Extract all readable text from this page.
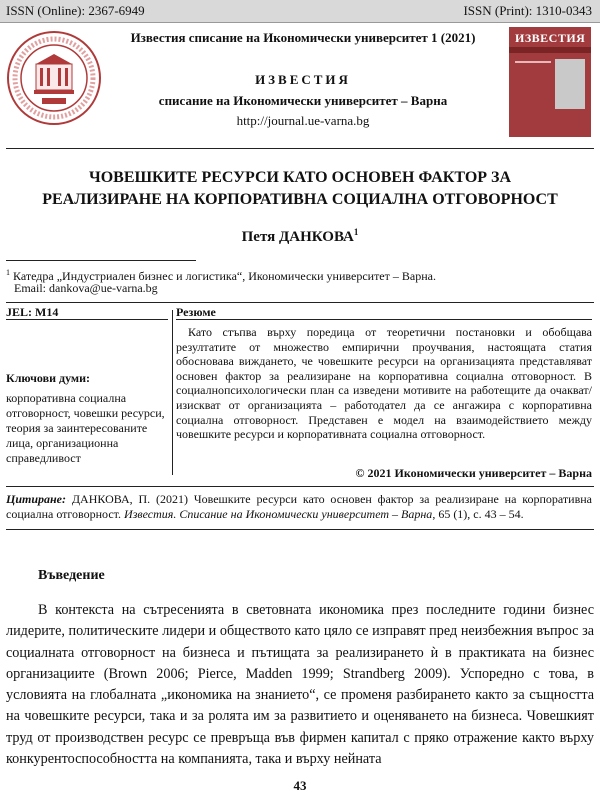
ISSN (Online): 2367-6949	ISSN (Print): 1310-0343
Известия списание на Икономически университет 1 (2021)
ИЗВЕСТИЯ
списание на Икономически университет – Варна
http://journal.ue-varna.bg
ИЗВЕСТИЯ
ЧОВЕШКИТЕ РЕСУРСИ КАТО ОСНОВЕН ФАКТОР ЗА
РЕАЛИЗИРАНЕ НА КОРПОРАТИВНА СОЦИАЛНА ОТГОВОРНОСТ
Петя ДАНКОВА$^1$
$^1$ Катедра „Индустриален бизнес и логистика“, Икономически университет – Варна.
Email: dankova@ue-varna.bg
JEL: M14	Резюме
Ключови думи:
корпоративна социална отговорност, човешки ресурси, теория за заинтересованите лица, организационна справедливост
Като стъпва върху поредица от теоретични постановки и обобщава резултатите от множество емпирични проучвания, настоящата статия обосновава виждането, че човешките ресурси на организацията представляват основен фактор за реализиране на корпоративна социална отговорност. В социалнопсихологически план са изведени мотивите на работещите да очакват/изискват от организацията – работодател да се ангажира с корпоративна социална отговорност. Представен е модел на взаимодействието между човешките ресурси и корпоративната социална отговорност.
© 2021 Икономически университет – Варна
Цитиране: ДАНКОВА, П. (2021) Човешките ресурси като основен фактор за реализиране на корпоративна социална отговорност. Известия. Списание на Икономически университет – Варна, 65 (1), с. 43 – 54.
Въведение
В контекста на сътресенията в световната икономика през последните години бизнес лидерите, политическите лидери и обществото като цяло се изправят пред неизбежния въпрос за социалната отговорност на бизнеса и пътищата за реализирането ѝ в практиката на бизнес организациите (Brown 2006; Pierce, Madden 1999; Strandberg 2009). Успоредно с това, в условията на глобалната „икономика на знанието“, се променя разбирането както за същността на човешките ресурси, така и за ролята им за развитието и оценяването на бизнеса. Човешкият труд от производствен ресурс се превръща във фирмен капитал с пряко отражение както върху конкурентоспособността на компанията, така и върху нейната
43
